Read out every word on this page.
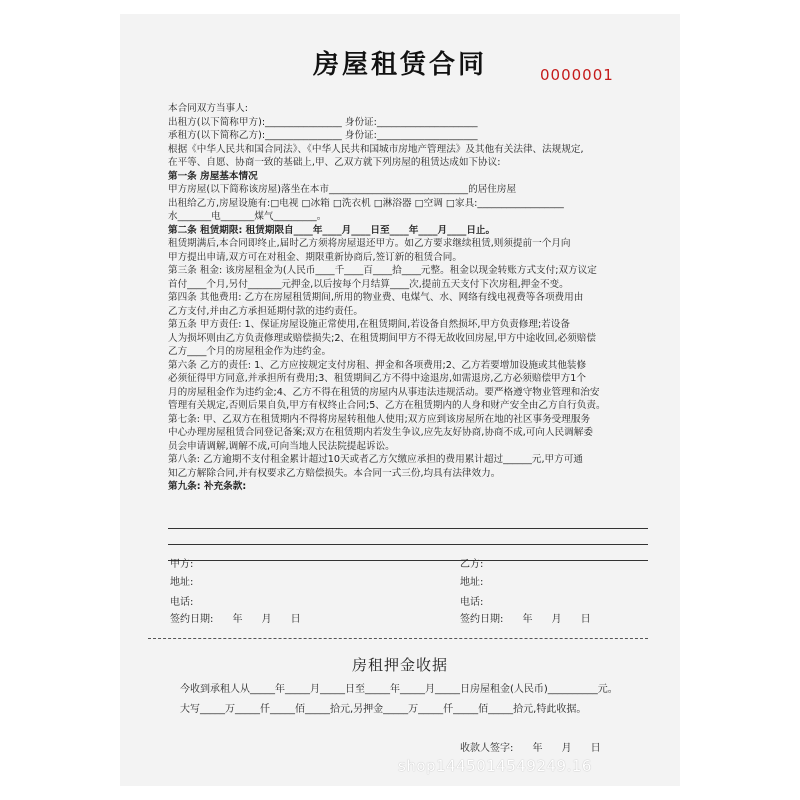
房屋租赁合同	0000001

本合同双方当事人:

出租方(以下简称甲方):________________ 身份证:_____________________

承租方(以下简称乙方):________________ 身份证:_____________________

根据《中华人民共和国合同法》、《中华人民共和国城市房地产管理法》及其他有关法律、法规规定,

在平等、自愿、协商一致的基础上,甲、乙双方就下列房屋的租赁达成如下协议:

第一条 房屋基本情况

甲方房屋(以下简称该房屋)落坐在本市_____________________________的居住房屋

出租给乙方,房屋设施有:□电视 □冰箱 □洗衣机 □淋浴器 □空调 □家具:__________________

水_______电_______煤气_________。

第二条 租赁期限: 租赁期限自____年____月____日至____年____月____日止。

租赁期满后,本合同即终止,届时乙方须将房屋退还甲方。如乙方要求继续租赁,则须提前一个月向

甲方提出申请,双方可在对租金、期限重新协商后,签订新的租赁合同。

第三条 租金: 该房屋租金为(人民币____千____百____拾____元整。租金以现金转账方式支付;双方议定

首付____个月,另付_______元押金,以后按每个月结算____次,提前五天支付下次房租,押金不变。

第四条 其他费用: 乙方在房屋租赁期间,所用的物业费、电煤气、水、网络有线电视费等各项费用由

乙方支付,并由乙方承担延期付款的违约责任。

第五条 甲方责任: 1、保证房屋设施正常使用,在租赁期间,若设备自然损坏,甲方负责修理;若设备

人为损坏则由乙方负责修理或赔偿损失;2、在租赁期间甲方不得无故收回房屋,甲方中途收回,必须赔偿

乙方____个月的房屋租金作为违约金。

第六条 乙方的责任: 1、乙方应按规定支付房租、押金和各项费用;2、乙方若要增加设施或其他装修

必须征得甲方同意,并承担所有费用;3、租赁期间乙方不得中途退房,如需退房,乙方必须赔偿甲方1个

月的房屋租金作为违约金;4、乙方不得在租赁的房屋内从事违法违规活动。要严格遵守物业管理和治安

管理有关规定,否则后果自负,甲方有权终止合同;5、乙方在租赁期内的人身和财产安全由乙方自行负责。

第七条: 甲、乙双方在租赁期内不得将房屋转租他人使用;双方应到该房屋所在地的社区事务受理服务

中心办理房屋租赁合同登记备案;双方在租赁期内若发生争议,应先友好协商,协商不成,可向人民调解委

员会申请调解,调解不成,可向当地人民法院提起诉讼。

第八条: 乙方逾期不支付租金累计超过10天或者乙方欠缴应承担的费用累计超过______元,甲方可通

知乙方解除合同,并有权要求乙方赔偿损失。本合同一式三份,均具有法律效力。

第九条: 补充条款:

甲方:	乙方:
地址:	地址:
电话:	电话:
签约日期:      年      月      日	签约日期:      年      月      日
房租押金收据
今收到承租人从_____年_____月_____日至_____年_____月_____日房屋租金(人民币)__________元。
大写_____万_____仟_____佰_____拾元,另押金_____万_____仟_____佰_____拾元,特此收据。
收款人签字:      年      月      日
shop144501454924​9.16
